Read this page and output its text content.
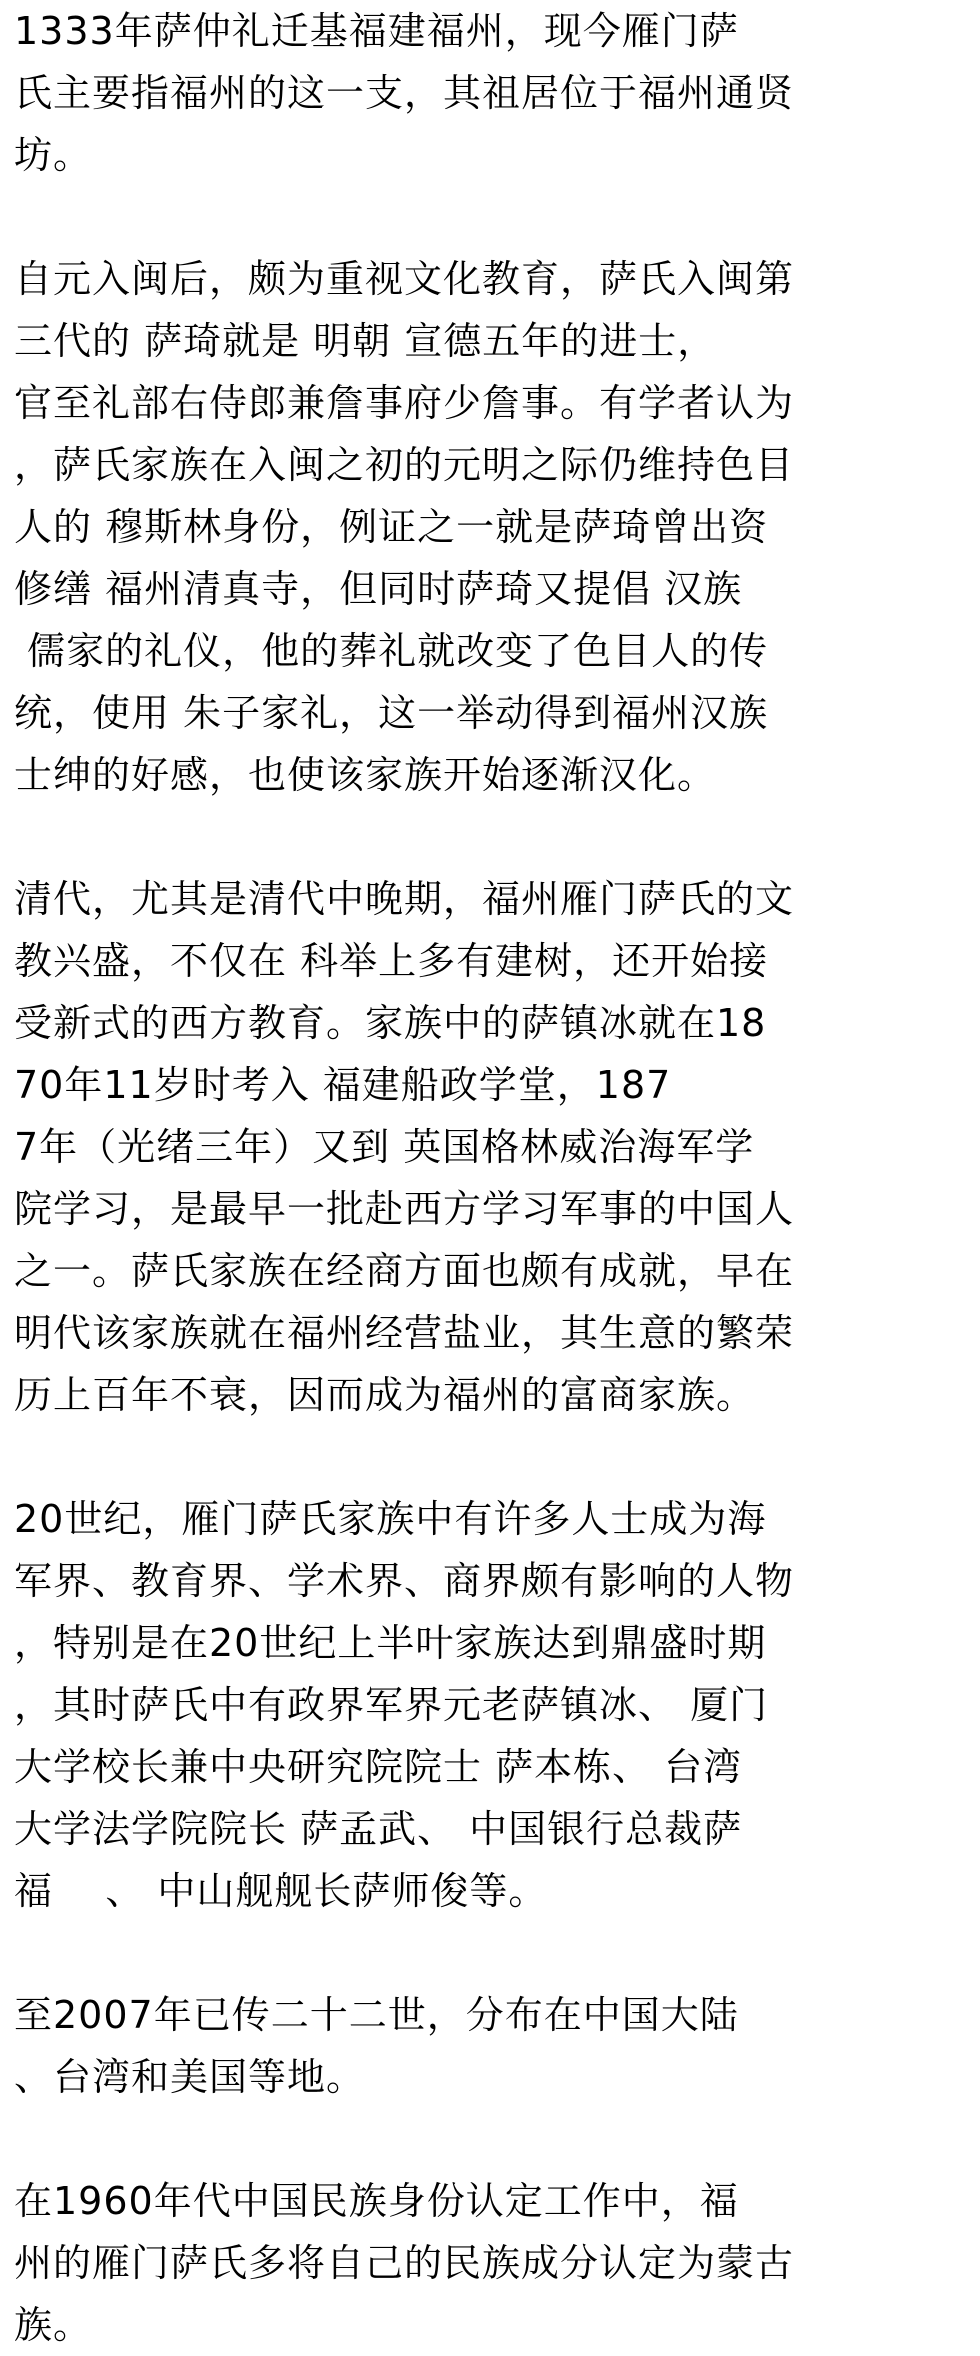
1333年萨仲礼迁基福建福州，现今雁门萨
氏主要指福州的这一支，其祖居位于福州通贤
坊。

自元入闽后，颇为重视文化教育，萨氏入闽第
三代的 萨琦就是 明朝 宣德五年的进士，
官至礼部右侍郎兼詹事府少詹事。有学者认为
，萨氏家族在入闽之初的元明之际仍维持色目
人的 穆斯林身份，例证之一就是萨琦曾出资
修缮 福州清真寺，但同时萨琦又提倡 汉族
儒家的礼仪，他的葬礼就改变了色目人的传
统，使用 朱子家礼，这一举动得到福州汉族
士绅的好感，也使该家族开始逐渐汉化。

清代，尤其是清代中晚期，福州雁门萨氏的文
教兴盛，不仅在 科举上多有建树，还开始接
受新式的西方教育。家族中的萨镇冰就在18
70年11岁时考入 福建船政学堂，187
7年（光绪三年）又到 英国格林威治海军学
院学习，是最早一批赴西方学习军事的中国人
之一。萨氏家族在经商方面也颇有成就，早在
明代该家族就在福州经营盐业，其生意的繁荣
历上百年不衰，因而成为福州的富商家族。

20世纪，雁门萨氏家族中有许多人士成为海
军界、教育界、学术界、商界颇有影响的人物
，特别是在20世纪上半叶家族达到鼎盛时期
，其时萨氏中有政界军界元老萨镇冰、 厦门
大学校长兼中央研究院院士 萨本栋、 台湾
大学法学院院长 萨孟武、 中国银行总裁萨
福    、 中山舰舰长萨师俊等。

至2007年已传二十二世，分布在中国大陆
、台湾和美国等地。

在1960年代中国民族身份认定工作中，福
州的雁门萨氏多将自己的民族成分认定为蒙古
族。
